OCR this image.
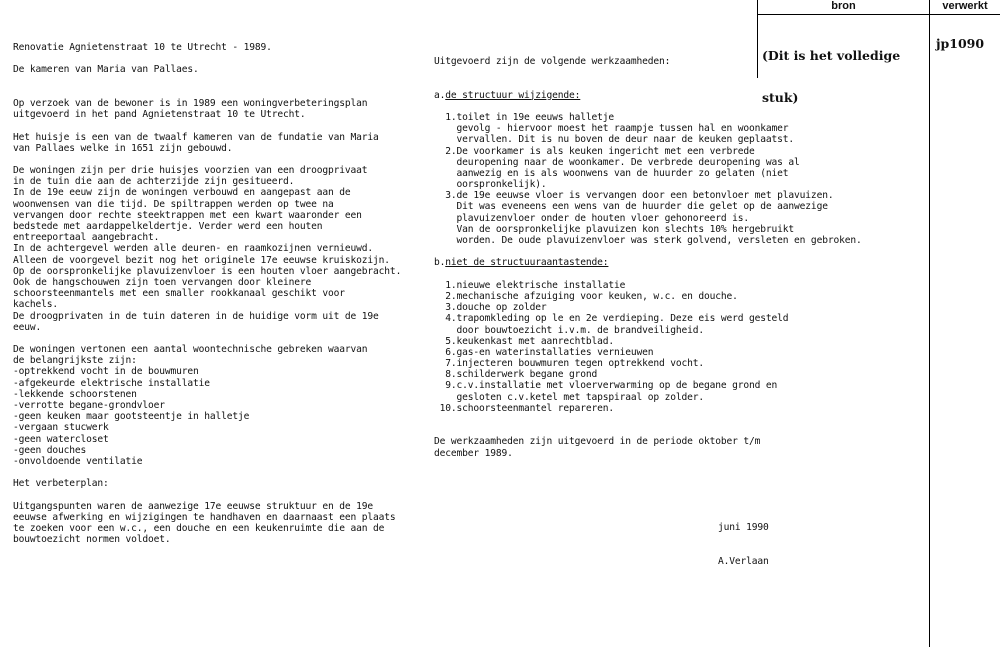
bron	verwerkt

(Dit is het volledige

stuk)

jp1090
Renovatie Agnietenstraat 10 te Utrecht - 1989.
De kameren van Maria van Pallaes.
Op verzoek van de bewoner is in 1989 een woningverbeteringsplan
uitgevoerd in het pand Agnietenstraat 10 te Utrecht.
Het huisje is een van de twaalf kameren van de fundatie van Maria
van Pallaes welke in 1651 zijn gebouwd.
De woningen zijn per drie huisjes voorzien van een droogprivaat
in de tuin die aan de achterzijde zijn gesitueerd.
In de 19e eeuw zijn de woningen verbouwd en aangepast aan de
woonwensen van die tijd. De spiltrappen werden op twee na
vervangen door rechte steektrappen met een kwart waaronder een
bedstede met aardappelkeldertje. Verder werd een houten
entreeportaal aangebracht.
In de achtergevel werden alle deuren- en raamkozijnen vernieuwd.
Alleen de voorgevel bezit nog het originele 17e eeuwse kruiskozijn.
Op de oorspronkelijke plavuizenvloer is een houten vloer aangebracht.
Ook de hangschouwen zijn toen vervangen door kleinere
schoorsteenmantels met een smaller rookkanaal geschikt voor
kachels.
De droogprivaten in de tuin dateren in de huidige vorm uit de 19e
eeuw.
De woningen vertonen een aantal woontechnische gebreken waarvan
de belangrijkste zijn:
-optrekkend vocht in de bouwmuren
-afgekeurde elektrische installatie
-lekkende schoorstenen
-verrotte begane-grondvloer
-geen keuken maar gootsteentje in halletje
-vergaan stucwerk
-geen watercloset
-geen douches
-onvoldoende ventilatie
Het verbeterplan:
Uitgangspunten waren de aanwezige 17e eeuwse struktuur en de 19e
eeuwse afwerking en wijzigingen te handhaven en daarnaast een plaats
te zoeken voor een w.c., een douche en een keukenruimte die aan de
bouwtoezicht normen voldoet.
Uitgevoerd zijn de volgende werkzaamheden:
a.de structuur wijzigende:
1.toilet in 19e eeuws halletje
gevolg - hiervoor moest het raampje tussen hal en woonkamer
vervallen. Dit is nu boven de deur naar de keuken geplaatst.
2.De voorkamer is als keuken ingericht met een verbrede
deuropening naar de woonkamer. De verbrede deuropening was al
aanwezig en is als woonwens van de huurder zo gelaten (niet
oorspronkelijk).
3.de 19e eeuwse vloer is vervangen door een betonvloer met plavuizen.
Dit was eveneens een wens van de huurder die gelet op de aanwezige
plavuizenvloer onder de houten vloer gehonoreerd is.
Van de oorspronkelijke plavuizen kon slechts 10% hergebruikt
worden. De oude plavuizenvloer was sterk golvend, versleten en gebroken.
b.niet de structuuraantastende:
1.nieuwe elektrische installatie
2.mechanische afzuiging voor keuken, w.c. en douche.
3.douche op zolder
4.trapomkleding op le en 2e verdieping. Deze eis werd gesteld
door bouwtoezicht i.v.m. de brandveiligheid.
5.keukenkast met aanrechtblad.
6.gas-en waterinstallaties vernieuwen
7.injecteren bouwmuren tegen optrekkend vocht.
8.schilderwerk begane grond
9.c.v.installatie met vloerverwarming op de begane grond en
gesloten c.v.ketel met tapspiraal op zolder.
10.schoorsteenmantel repareren.
De werkzaamheden zijn uitgevoerd in de periode oktober t/m
december 1989.
juni 1990
A.Verlaan
